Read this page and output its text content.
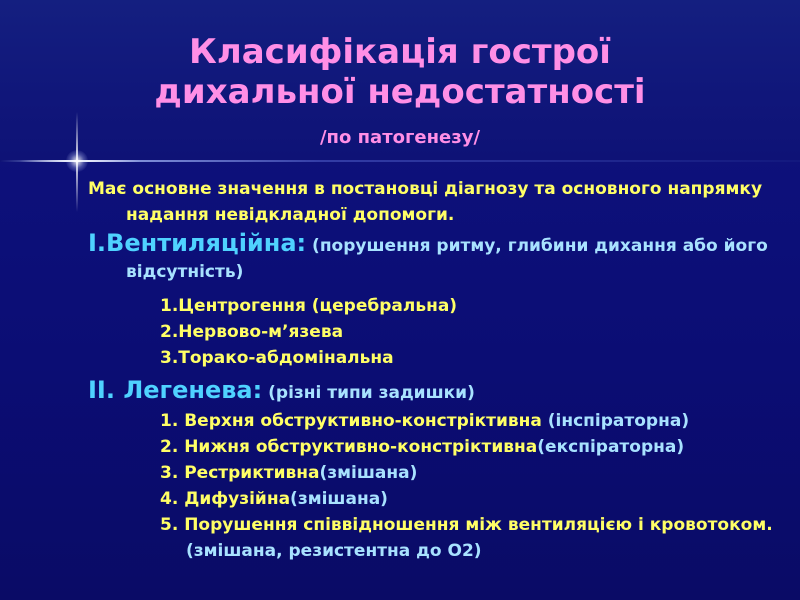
Класифікація гострої
дихальної недостатності
/по патогенезу/
Має основне значення в постановці діагнозу та основного напрямку надання невідкладної допомоги.
I.Вентиляційна: (порушення ритму, глибини дихання або його відсутність)
1.Центрогення (церебральна)
2.Нервово-м’язева
3.Торако-абдомінальна
II. Легенева: (різні типи задишки)
1. Верхня обструктивно-констріктивна (інспіраторна)
2. Нижня обструктивно-констріктивна(експіраторна)
3. Рестриктивна(змішана)
4. Дифузійна(змішана)
5. Порушення співвідношення між вентиляцією і кровотоком. (змішана, резистентна до О2)
